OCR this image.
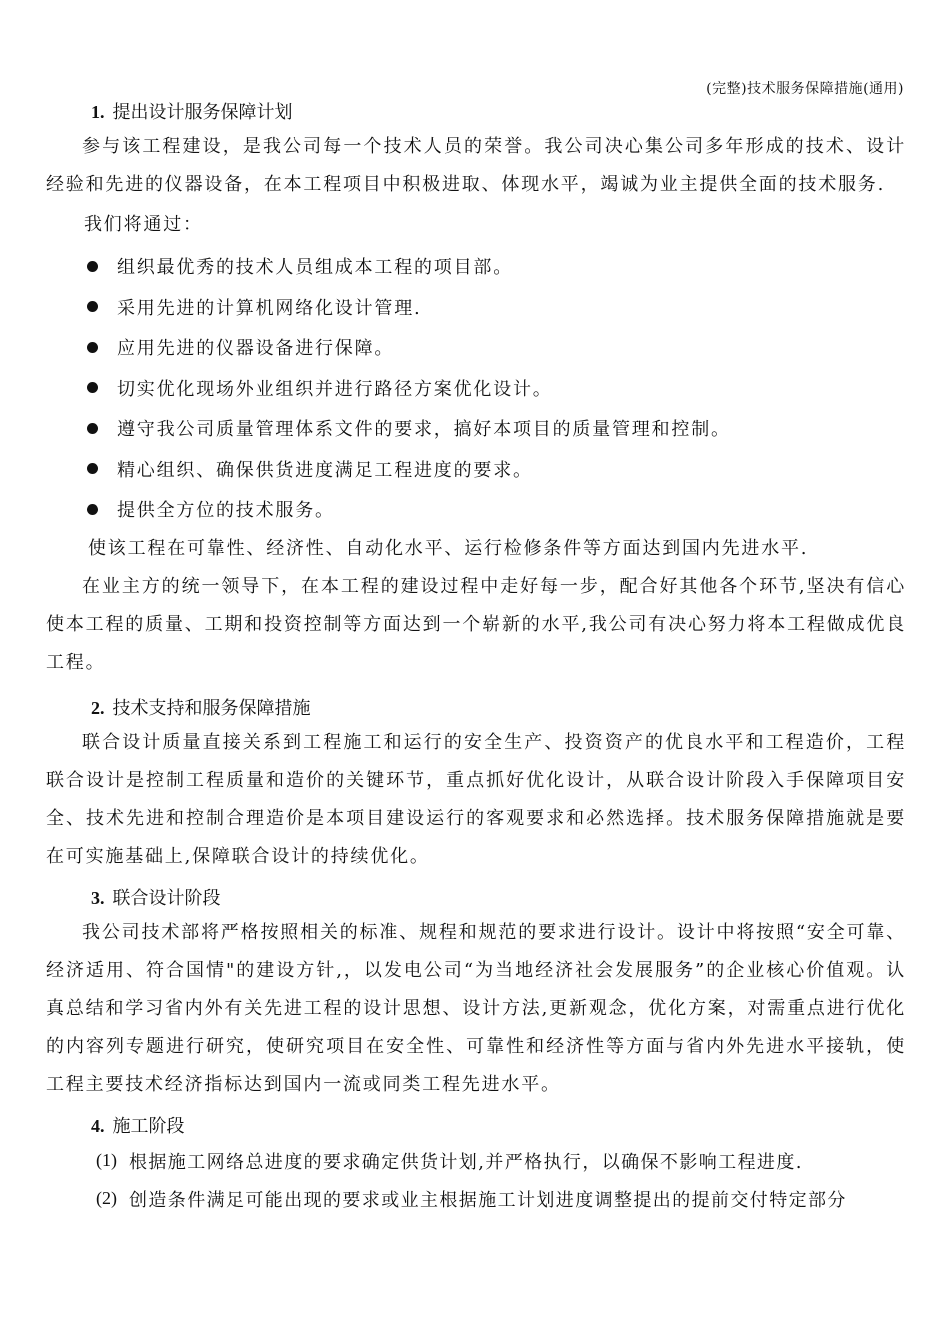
(完整)技术服务保障措施(通用)
1. 提出设计服务保障计划

参与该工程建设，是我公司每一个技术人员的荣誉。我公司决心集公司多年形成的技术、设计经验和先进的仪器设备，在本工程项目中积极进取、体现水平，竭诚为业主提供全面的技术服务.

我们将通过：

组织最优秀的技术人员组成本工程的项目部。
采用先进的计算机网络化设计管理.
应用先进的仪器设备进行保障。
切实优化现场外业组织并进行路径方案优化设计。
遵守我公司质量管理体系文件的要求，搞好本项目的质量管理和控制。
精心组织、确保供货进度满足工程进度的要求。
提供全方位的技术服务。

使该工程在可靠性、经济性、自动化水平、运行检修条件等方面达到国内先进水平.

在业主方的统一领导下，在本工程的建设过程中走好每一步，配合好其他各个环节,坚决有信心使本工程的质量、工期和投资控制等方面达到一个崭新的水平,我公司有决心努力将本工程做成优良工程。

2. 技术支持和服务保障措施

联合设计质量直接关系到工程施工和运行的安全生产、投资资产的优良水平和工程造价，工程联合设计是控制工程质量和造价的关键环节，重点抓好优化设计，从联合设计阶段入手保障项目安全、技术先进和控制合理造价是本项目建设运行的客观要求和必然选择。技术服务保障措施就是要在可实施基础上,保障联合设计的持续优化。

3. 联合设计阶段

我公司技术部将严格按照相关的标准、规程和规范的要求进行设计。设计中将按照“安全可靠、经济适用、符合国情"的建设方针,，以发电公司“为当地经济社会发展服务”的企业核心价值观。认真总结和学习省内外有关先进工程的设计思想、设计方法,更新观念，优化方案，对需重点进行优化的内容列专题进行研究，使研究项目在安全性、可靠性和经济性等方面与省内外先进水平接轨，使工程主要技术经济指标达到国内一流或同类工程先进水平。

4. 施工阶段
(1) 根据施工网络总进度的要求确定供货计划,并严格执行，以确保不影响工程进度.
(2) 创造条件满足可能出现的要求或业主根据施工计划进度调整提出的提前交付特定部分
